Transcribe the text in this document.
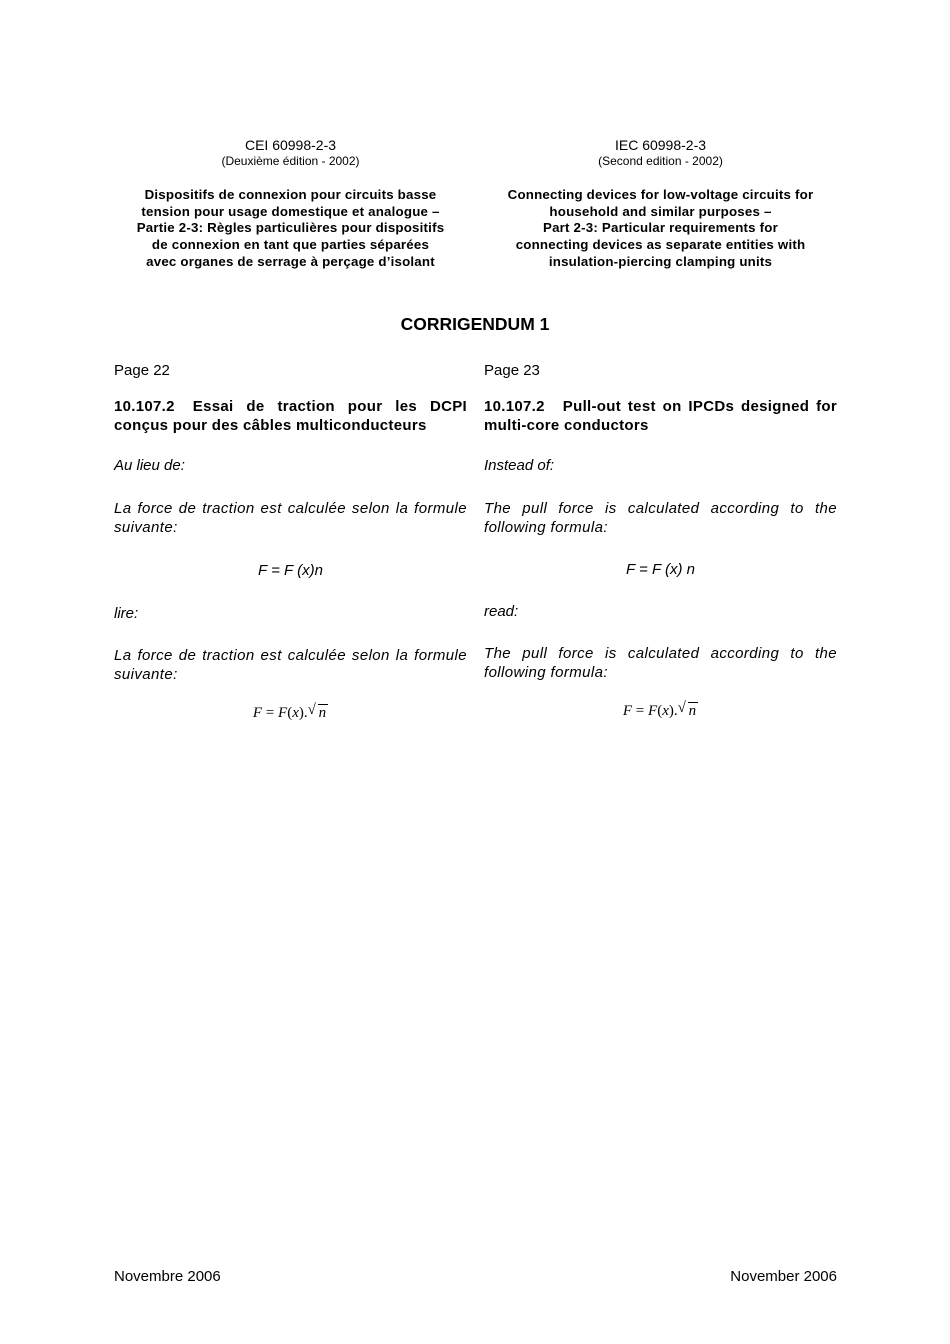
CEI 60998-2-3
(Deuxième édition - 2002)
Dispositifs de connexion pour circuits basse
tension pour usage domestique et analogue –
Partie 2-3: Règles particulières pour dispositifs
de connexion en tant que parties séparées
avec organes de serrage à perçage d’isolant
Page 22
10.107.2 Essai de traction pour les DCPI conçus pour des câbles multiconducteurs
Au lieu de:
La force de traction est calculée selon la formule suivante:
F = F (x)n
lire:
La force de traction est calculée selon la formule suivante:
F = F(x). √ n
IEC 60998-2-3
(Second edition - 2002)
Connecting devices for low-voltage circuits for
household and similar purposes –
Part 2-3: Particular requirements for
connecting devices as separate entities with
insulation-piercing clamping units
Page 23
10.107.2 Pull-out test on IPCDs designed for multi-core conductors
Instead of:
The pull force is calculated according to the following formula:
F = F (x) n
read:
The pull force is calculated according to the following formula:
F = F(x). √ n
CORRIGENDUM 1
Novembre 2006	November 2006
